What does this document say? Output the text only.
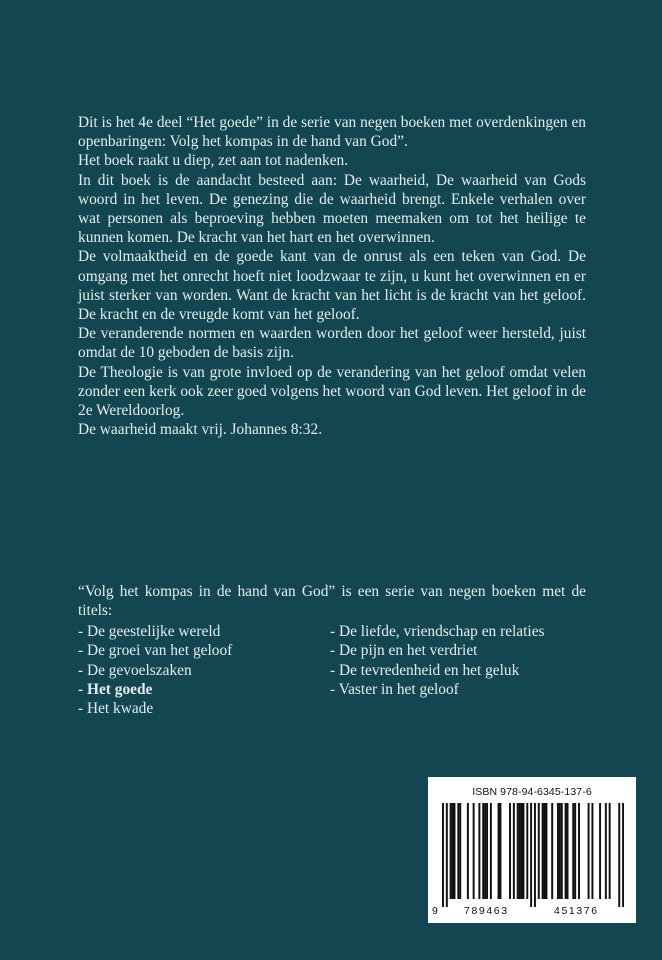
Dit is het 4e deel “Het goede” in de serie van negen boeken met overdenkingen en openbaringen: Volg het kompas in de hand van God”.

Het boek raakt u diep, zet aan tot nadenken.

In dit boek is de aandacht besteed aan: De waarheid, De waarheid van Gods woord in het leven. De genezing die de waarheid brengt. Enkele verhalen over wat personen als beproeving hebben moeten meemaken om tot het heilige te kunnen komen. De kracht van het hart en het overwinnen.

De volmaaktheid en de goede kant van de onrust als een teken van God. De omgang met het onrecht hoeft niet loodzwaar te zijn, u kunt het overwinnen en er juist sterker van worden. Want de kracht van het licht is de kracht van het geloof. De kracht en de vreugde komt van het geloof.

De veranderende normen en waarden worden door het geloof weer hersteld, juist omdat de 10 geboden de basis zijn.

De Theologie is van grote invloed op de verandering van het geloof omdat velen zonder een kerk ook zeer goed volgens het woord van God leven. Het geloof in de 2e Wereldoorlog.

De waarheid maakt vrij. Johannes 8:32.

“Volg het kompas in de hand van God” is een serie van negen boeken met de titels:

- De geestelijke wereld
- De groei van het geloof
- De gevoelszaken
- Het goede
- Het kwade
- De liefde, vriendschap en relaties
- De pijn en het verdriet
- De tevredenheid en het geluk
- Vaster in het geloof
ISBN 978-94-6345-137-6
9 789463	451376
